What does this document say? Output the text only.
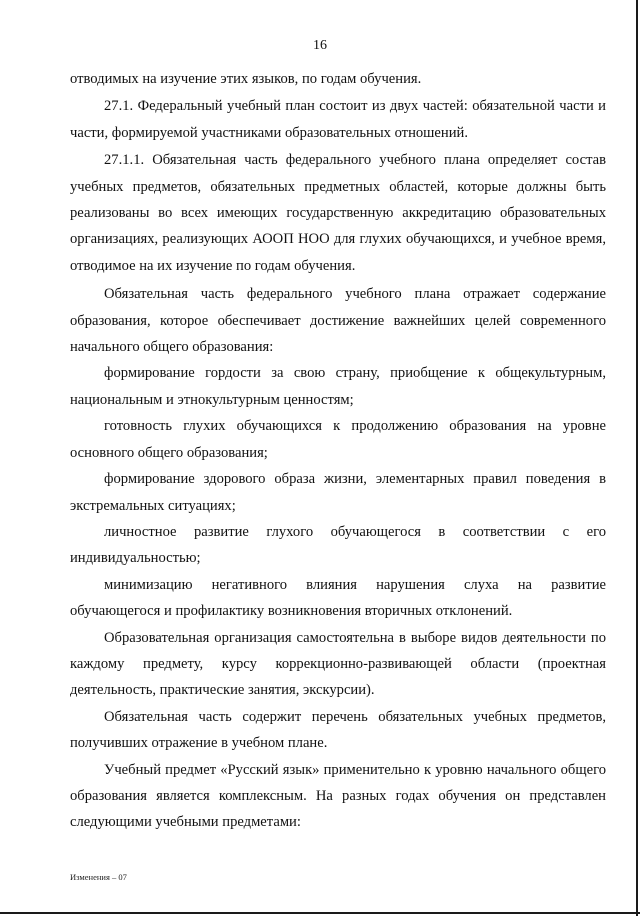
16

отводимых на изучение этих языков, по годам обучения.

27.1. Федеральный учебный план состоит из двух частей: обязательной части и части, формируемой участниками образовательных отношений.

27.1.1. Обязательная часть федерального учебного плана определяет состав учебных предметов, обязательных предметных областей, которые должны быть реализованы во всех имеющих государственную аккредитацию образовательных организациях, реализующих АООП НОО для глухих обучающихся, и учебное время, отводимое на их изучение по годам обучения.

Обязательная часть федерального учебного плана отражает содержание образования, которое обеспечивает достижение важнейших целей современного начального общего образования:

формирование гордости за свою страну, приобщение к общекультурным, национальным и этнокультурным ценностям;

готовность глухих обучающихся к продолжению образования на уровне основного общего образования;

формирование здорового образа жизни, элементарных правил поведения в экстремальных ситуациях;

личностное развитие глухого обучающегося в соответствии с его индивидуальностью;

минимизацию негативного влияния нарушения слуха на развитие обучающегося и профилактику возникновения вторичных отклонений.

Образовательная организация самостоятельна в выборе видов деятельности по каждому предмету, курсу коррекционно-развивающей области (проектная деятельность, практические занятия, экскурсии).

Обязательная часть содержит перечень обязательных учебных предметов, получивших отражение в учебном плане.

Учебный предмет «Русский язык» применительно к уровню начального общего образования является комплексным. На разных годах обучения он представлен следующими учебными предметами:

Изменения – 07
